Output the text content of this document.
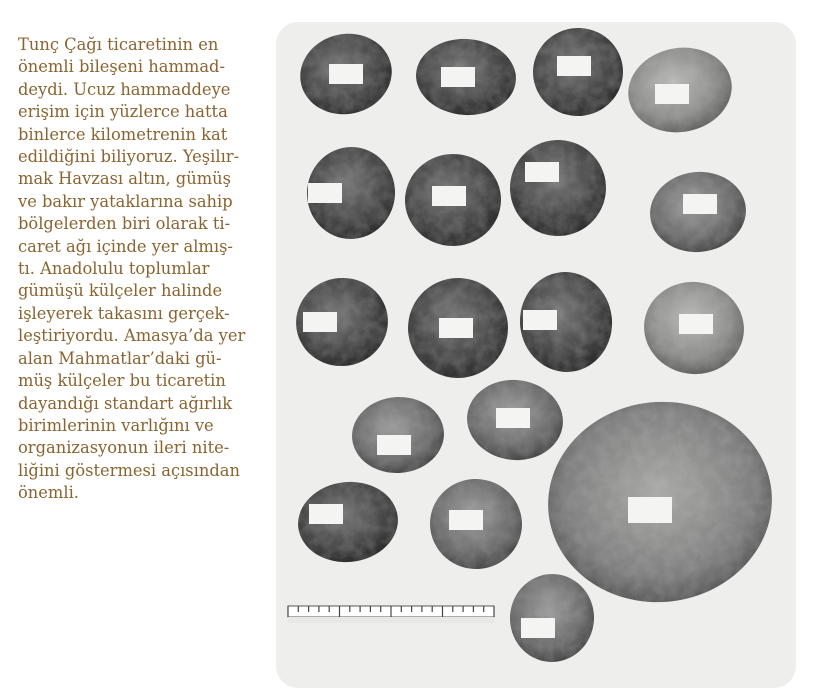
Tunç Çağı ticaretinin en
önemli bileşeni hammad-
deydi. Ucuz hammaddeye
erişim için yüzlerce hatta
binlerce kilometrenin kat
edildiğini biliyoruz. Yeşilır-
mak Havzası altın, gümüş
ve bakır yataklarına sahip
bölgelerden biri olarak ti-
caret ağı içinde yer almış-
tı. Anadolulu toplumlar
gümüşü külçeler halinde
işleyerek takasını gerçek-
leştiriyordu. Amasya’da yer
alan Mahmatlar’daki gü-
müş külçeler bu ticaretin
dayandığı standart ağırlık
birimlerinin varlığını ve
organizasyonun ileri nite-
liğini göstermesi açısından
önemli.
